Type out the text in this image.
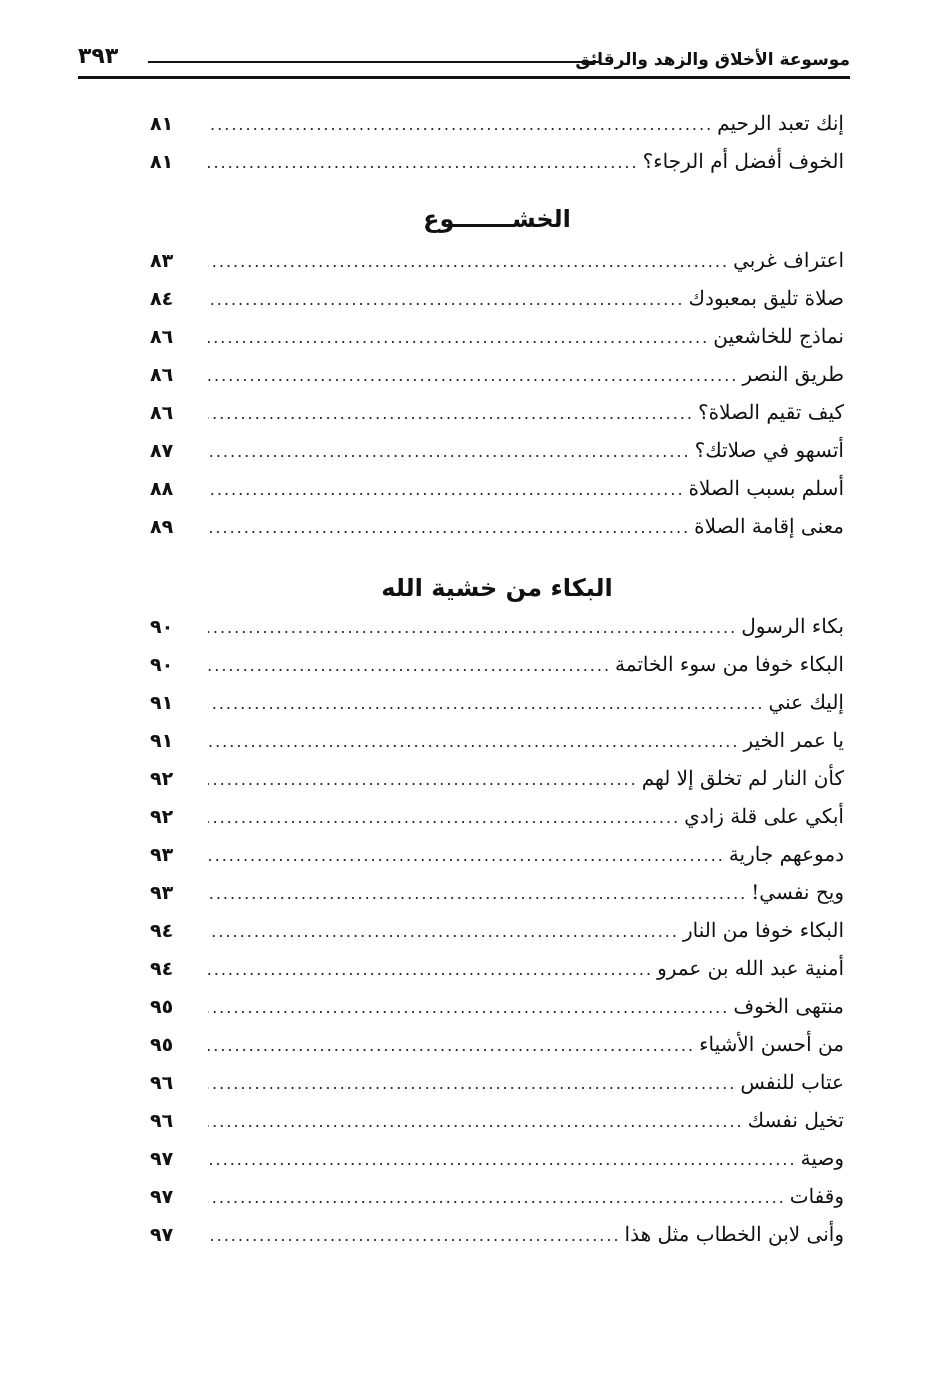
موسوعة الأخلاق والزهد والرقائق
٣٩٣
إنك تعبد الرحيم
.....
٨١
الخوف أفضل أم الرجاء؟
.....
٨١
الخشـــــــوع
اعتراف غربي
.....
٨٣
صلاة تليق بمعبودك
.....
٨٤
نماذج للخاشعين
.....
٨٦
طريق النصر
.....
٨٦
كيف تقيم الصلاة؟
.....
٨٦
أتسهو في صلاتك؟
.....
٨٧
أسلم بسبب الصلاة
.....
٨٨
معنى إقامة الصلاة
.....
٨٩
البكاء من خشية الله
بكاء الرسول
.....
٩٠
البكاء خوفا من سوء الخاتمة
.....
٩٠
إليك عني
.....
٩١
يا عمر الخير
.....
٩١
كأن النار لم تخلق إلا لهم
.....
٩٢
أبكي على قلة زادي
.....
٩٢
دموعهم جارية
.....
٩٣
ويح نفسي!
.....
٩٣
البكاء خوفا من النار
.....
٩٤
أمنية عبد الله بن عمرو
.....
٩٤
منتهى الخوف
.....
٩٥
من أحسن الأشياء
.....
٩٥
عتاب للنفس
.....
٩٦
تخيل نفسك
.....
٩٦
وصية
.....
٩٧
وقفات
.....
٩٧
وأنى لابن الخطاب مثل هذا
.....
٩٧
